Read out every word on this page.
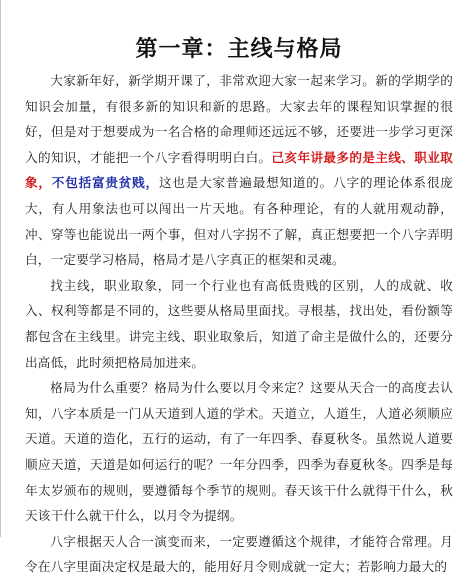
第一章：主线与格局

大家新年好，新学期开课了，非常欢迎大家一起来学习。新的学期学的知识会加量，有很多新的知识和新的思路。大家去年的课程知识掌握的很好，但是对于想要成为一名合格的命理师还远远不够，还要进一步学习更深入的知识，才能把一个八字看得明明白白。己亥年讲最多的是主线、职业取象，不包括富贵贫贱，这也是大家普遍最想知道的。八字的理论体系很庞大，有人用象法也可以闯出一片天地。有各种理论，有的人就用观动静，冲、穿等也能说出一两个事，但对八字拐不了解，真正想要把一个八字弄明白，一定要学习格局，格局才是八字真正的框架和灵魂。

找主线，职业取象，同一个行业也有高低贵贱的区别，人的成就、收入、权利等都是不同的，这些要从格局里面找。寻根基，找出处，看份额等都包含在主线里。讲完主线、职业取象后，知道了命主是做什么的，还要分出高低，此时须把格局加进来。

格局为什么重要？格局为什么要以月令来定？这要从天合一的高度去认知，八字本质是一门从天道到人道的学术。天道立，人道生，人道必须顺应天道。天道的造化，五行的运动，有了一年四季、春夏秋冬。虽然说人道要顺应天道，天道是如何运行的呢？一年分四季，四季为春夏秋冬。四季是每年太岁颁布的规则，要遵循每个季节的规则。春天该干什么就得干什么，秋天该干什么就干什么，以月令为提纲。

八字根据天人合一演变而来，一定要遵循这个规律，才能符合常理。月令在八字里面决定权是最大的，能用好月令则成就一定大；若影响力最大的
